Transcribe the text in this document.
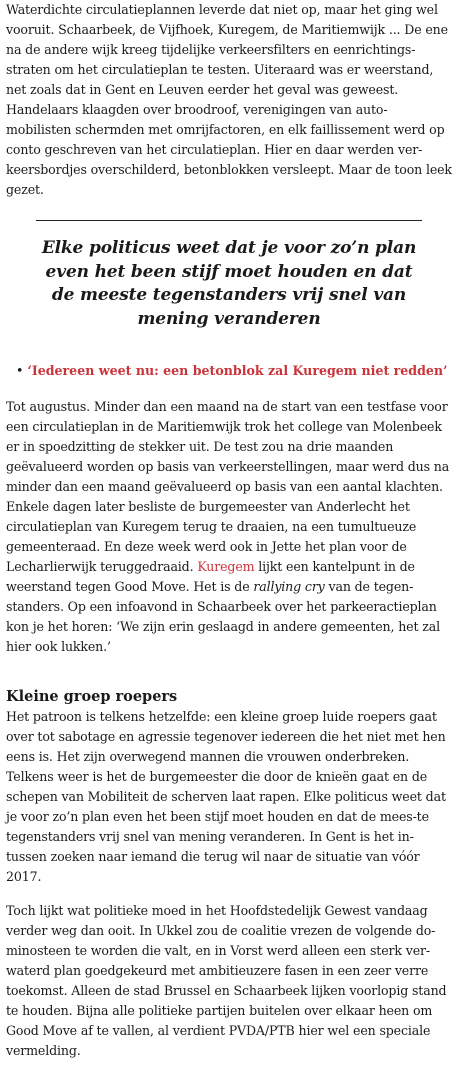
Waterdichte circulatieplannen leverde dat niet op, maar het ging wel vooruit. Schaarbeek, de Vijfhoek, Kuregem, de Maritiemwijk ... De ene na de andere wijk kreeg tijdelijke verkeersfilters en eenrichtings-straten om het circulatieplan te testen. Uiteraard was er weerstand, net zoals dat in Gent en Leuven eerder het geval was geweest. Handelaars klaagden over broodroof, verenigingen van auto-mobilisten schermden met omrijfactoren, en elk faillissement werd op conto geschreven van het circulatieplan. Hier en daar werden ver-keersbordjes overschilderd, betonblokken versleept. Maar de toon leek gezet.

Elke politicus weet dat je voor zo’n plan even het been stijf moet houden en dat de meeste tegenstanders vrij snel van mening veranderen

• ‘Iedereen weet nu: een betonblok zal Kuregem niet redden’

Tot augustus. Minder dan een maand na de start van een testfase voor een circulatieplan in de Maritiemwijk trok het college van Molenbeek er in spoedzitting de stekker uit. De test zou na drie maanden geëvalueerd worden op basis van verkeerstellingen, maar werd dus na minder dan een maand geëvalueerd op basis van een aantal klachten. Enkele dagen later besliste de burgemeester van Anderlecht het circulatieplan van Kuregem terug te draaien, na een tumultueuze gemeenteraad. En deze week werd ook in Jette het plan voor de Lecharlierwijk teruggedraaid. Kuregem lijkt een kantelpunt in de weerstand tegen Good Move. Het is de rallying cry van de tegen-standers. Op een infoavond in Schaarbeek over het parkeeractieplan kon je het horen: ‘We zijn erin geslaagd in andere gemeenten, het zal hier ook lukken.’

Kleine groep roepers

Het patroon is telkens hetzelfde: een kleine groep luide roepers gaat over tot sabotage en agressie tegenover iedereen die het niet met hen eens is. Het zijn overwegend mannen die vrouwen onderbreken. Telkens weer is het de burgemeester die door de knieën gaat en de schepen van Mobiliteit de scherven laat rapen. Elke politicus weet dat je voor zo’n plan even het been stijf moet houden en dat de mees-te tegenstanders vrij snel van mening veranderen. In Gent is het in-tussen zoeken naar iemand die terug wil naar de situatie van vóór 2017.

Toch lijkt wat politieke moed in het Hoofdstedelijk Gewest vandaag verder weg dan ooit. In Ukkel zou de coalitie vrezen de volgende do-minosteen te worden die valt, en in Vorst werd alleen een sterk ver-waterd plan goedgekeurd met ambitieuzere fasen in een zeer verre toekomst. Alleen de stad Brussel en Schaarbeek lijken voorlopig stand te houden. Bijna alle politieke partijen buitelen over elkaar heen om Good Move af te vallen, al verdient PVDA/PTB hier wel een speciale vermelding.
